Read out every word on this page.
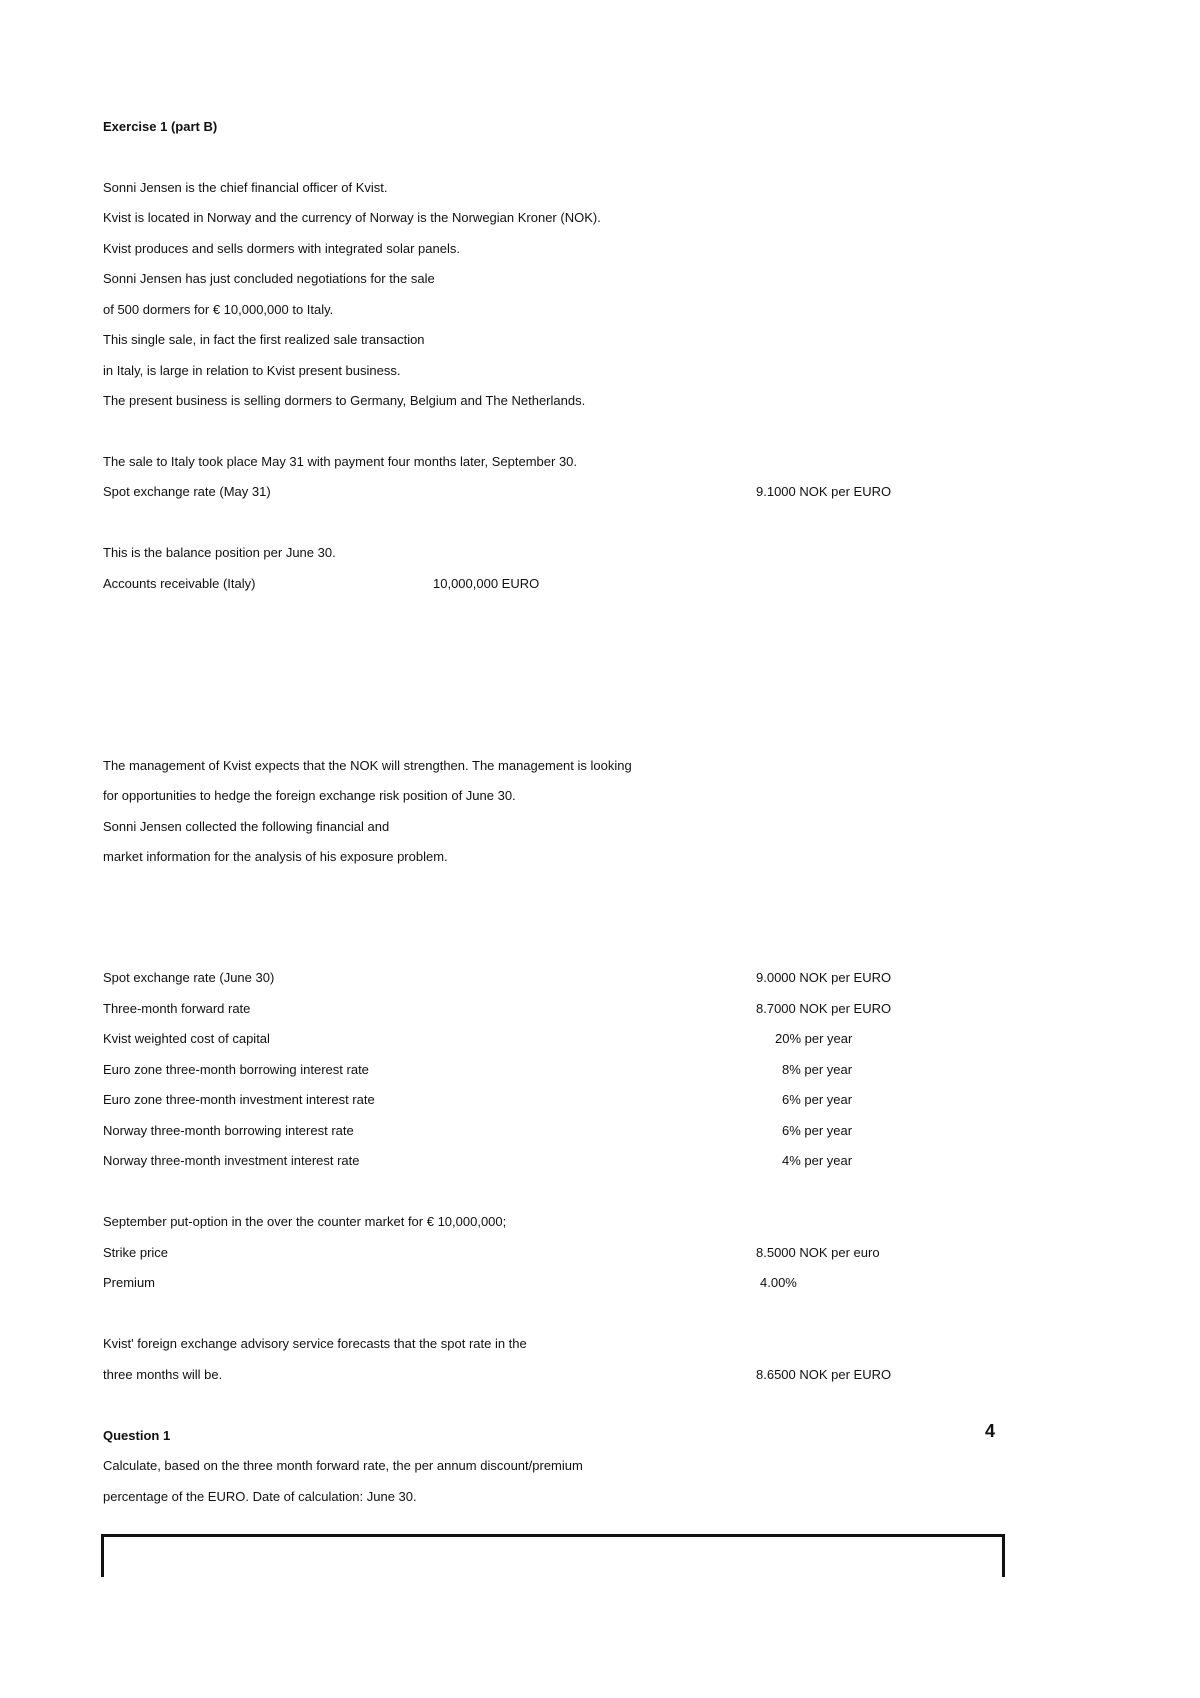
Exercise 1 (part B)
Sonni Jensen is the chief financial officer of Kvist.
Kvist is located in Norway and the currency of Norway is the Norwegian Kroner (NOK).
Kvist produces and sells dormers with integrated solar panels.
Sonni Jensen has just concluded negotiations for the sale
of 500 dormers for € 10,000,000 to Italy.
This single sale, in fact the first realized sale transaction
in Italy, is large in relation to Kvist present business.
The present business is selling dormers to Germany, Belgium and The Netherlands.
The sale to Italy took place May 31 with payment four months later, September 30.
Spot exchange rate (May 31)	9.1000 NOK per EURO
This is the balance position per June 30.
Accounts receivable (Italy)	10,000,000 EURO
The management of Kvist expects that the NOK will strengthen. The management is looking
for opportunities to hedge the foreign exchange risk position of June 30.
Sonni Jensen collected the following financial and
market information for the analysis of his exposure problem.
Spot exchange rate (June 30)	9.0000 NOK per EURO
Three-month forward rate	8.7000 NOK per EURO
Kvist weighted cost of capital	20% per year
Euro zone three-month borrowing interest rate	8% per year
Euro zone three-month investment interest rate	6% per year
Norway three-month borrowing interest rate	6% per year
Norway three-month investment interest rate	4% per year
September put-option in the over the counter market for € 10,000,000;
Strike price	8.5000 NOK per euro
Premium	4.00%
Kvist' foreign exchange advisory service forecasts that the spot rate in the
three months will be.	8.6500 NOK per EURO
Question 1	4
Calculate, based on the three month forward rate, the per annum discount/premium
percentage of the EURO. Date of calculation: June 30.
